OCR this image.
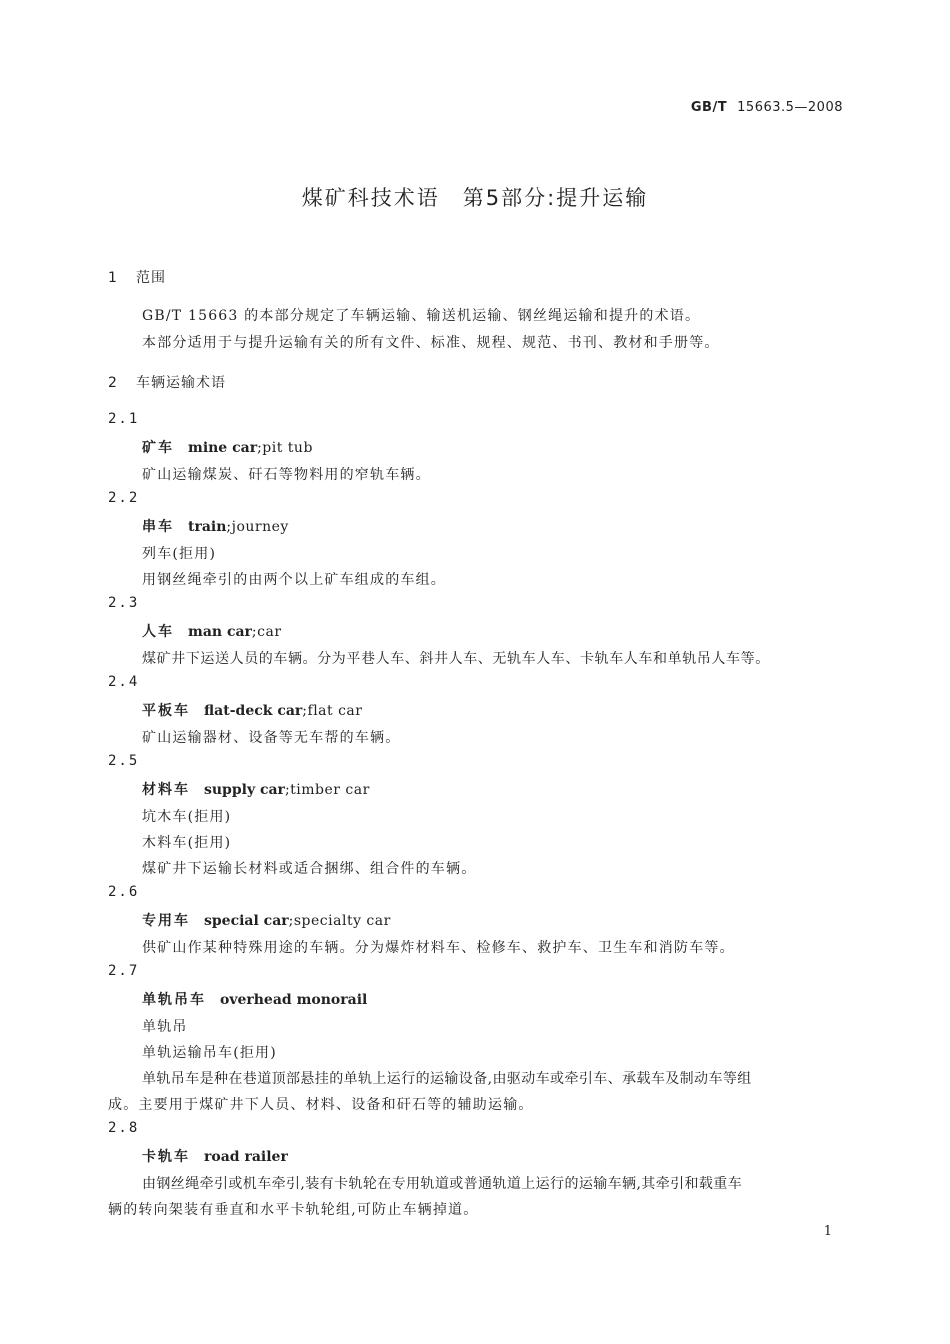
GB/T 15663.5—2008
煤矿科技术语　第5部分:提升运输
1 范围
GB/T 15663 的本部分规定了车辆运输、输送机运输、钢丝绳运输和提升的术语。
本部分适用于与提升运输有关的所有文件、标准、规程、规范、书刊、教材和手册等。
2 车辆运输术语
2.1
矿车 mine car;pit tub
矿山运输煤炭、矸石等物料用的窄轨车辆。
2.2
串车 train;journey
列车(拒用)
用钢丝绳牵引的由两个以上矿车组成的车组。
2.3
人车 man car;car
煤矿井下运送人员的车辆。分为平巷人车、斜井人车、无轨车人车、卡轨车人车和单轨吊人车等。
2.4
平板车 flat-deck car;flat car
矿山运输器材、设备等无车帮的车辆。
2.5
材料车 supply car;timber car
坑木车(拒用)
木料车(拒用)
煤矿井下运输长材料或适合捆绑、组合件的车辆。
2.6
专用车 special car;specialty car
供矿山作某种特殊用途的车辆。分为爆炸材料车、检修车、救护车、卫生车和消防车等。
2.7
单轨吊车 overhead monorail
单轨吊
单轨运输吊车(拒用)
单轨吊车是种在巷道顶部悬挂的单轨上运行的运输设备,由驱动车或牵引车、承载车及制动车等组
成。主要用于煤矿井下人员、材料、设备和矸石等的辅助运输。
2.8
卡轨车 road railer
由钢丝绳牵引或机车牵引,装有卡轨轮在专用轨道或普通轨道上运行的运输车辆,其牵引和载重车
辆的转向架装有垂直和水平卡轨轮组,可防止车辆掉道。
1
